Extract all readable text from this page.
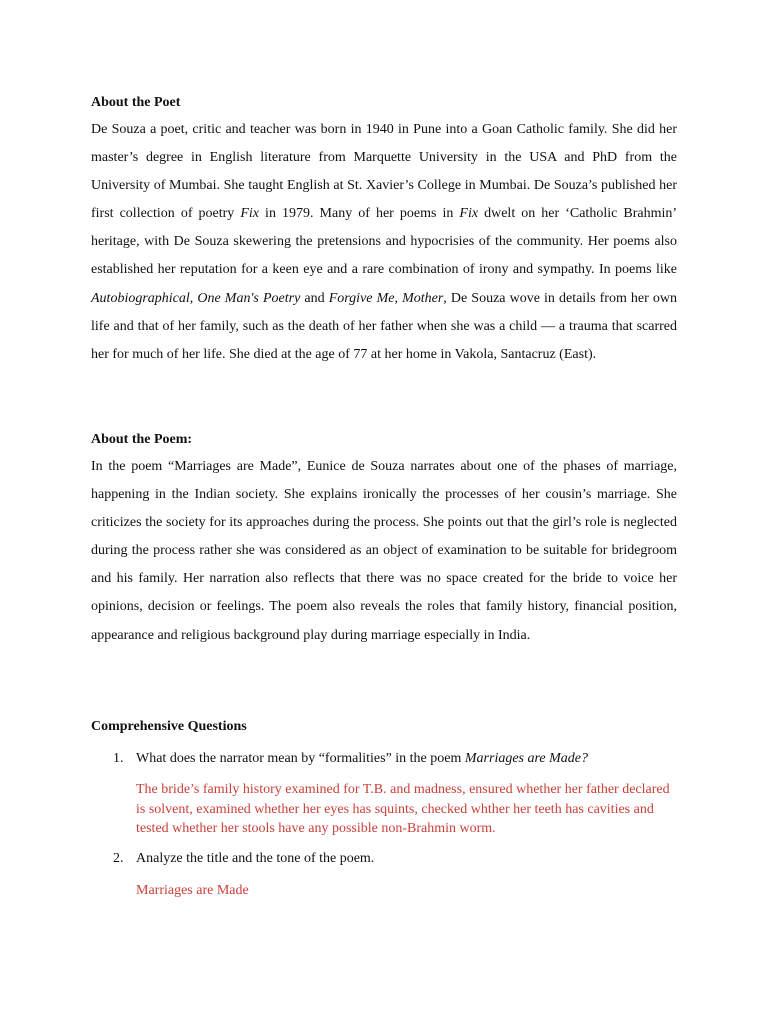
About the Poet
De Souza a poet, critic and teacher was born in 1940 in Pune into a Goan Catholic family. She did her master’s degree in English literature from Marquette University in the USA and PhD from the University of Mumbai. She taught English at St. Xavier’s College in Mumbai. De Souza’s published her first collection of poetry Fix in 1979. Many of her poems in Fix dwelt on her ‘Catholic Brahmin’ heritage, with De Souza skewering the pretensions and hypocrisies of the community. Her poems also established her reputation for a keen eye and a rare combination of irony and sympathy. In poems like Autobiographical, One Man's Poetry and Forgive Me, Mother, De Souza wove in details from her own life and that of her family, such as the death of her father when she was a child — a trauma that scarred her for much of her life. She died at the age of 77 at her home in Vakola, Santacruz (East).
About the Poem:
In the poem “Marriages are Made”, Eunice de Souza narrates about one of the phases of marriage, happening in the Indian society. She explains ironically the processes of her cousin’s marriage. She criticizes the society for its approaches during the process. She points out that the girl’s role is neglected during the process rather she was considered as an object of examination to be suitable for bridegroom and his family. Her narration also reflects that there was no space created for the bride to voice her opinions, decision or feelings. The poem also reveals the roles that family history, financial position, appearance and religious background play during marriage especially in India.
Comprehensive Questions
1. What does the narrator mean by “formalities” in the poem Marriages are Made?
The bride’s family history examined for T.B. and madness, ensured whether her father declared is solvent, examined whether her eyes has squints, checked whther her teeth has cavities and tested whether her stools have any possible non-Brahmin worm.
2. Analyze the title and the tone of the poem.
Marriages are Made
